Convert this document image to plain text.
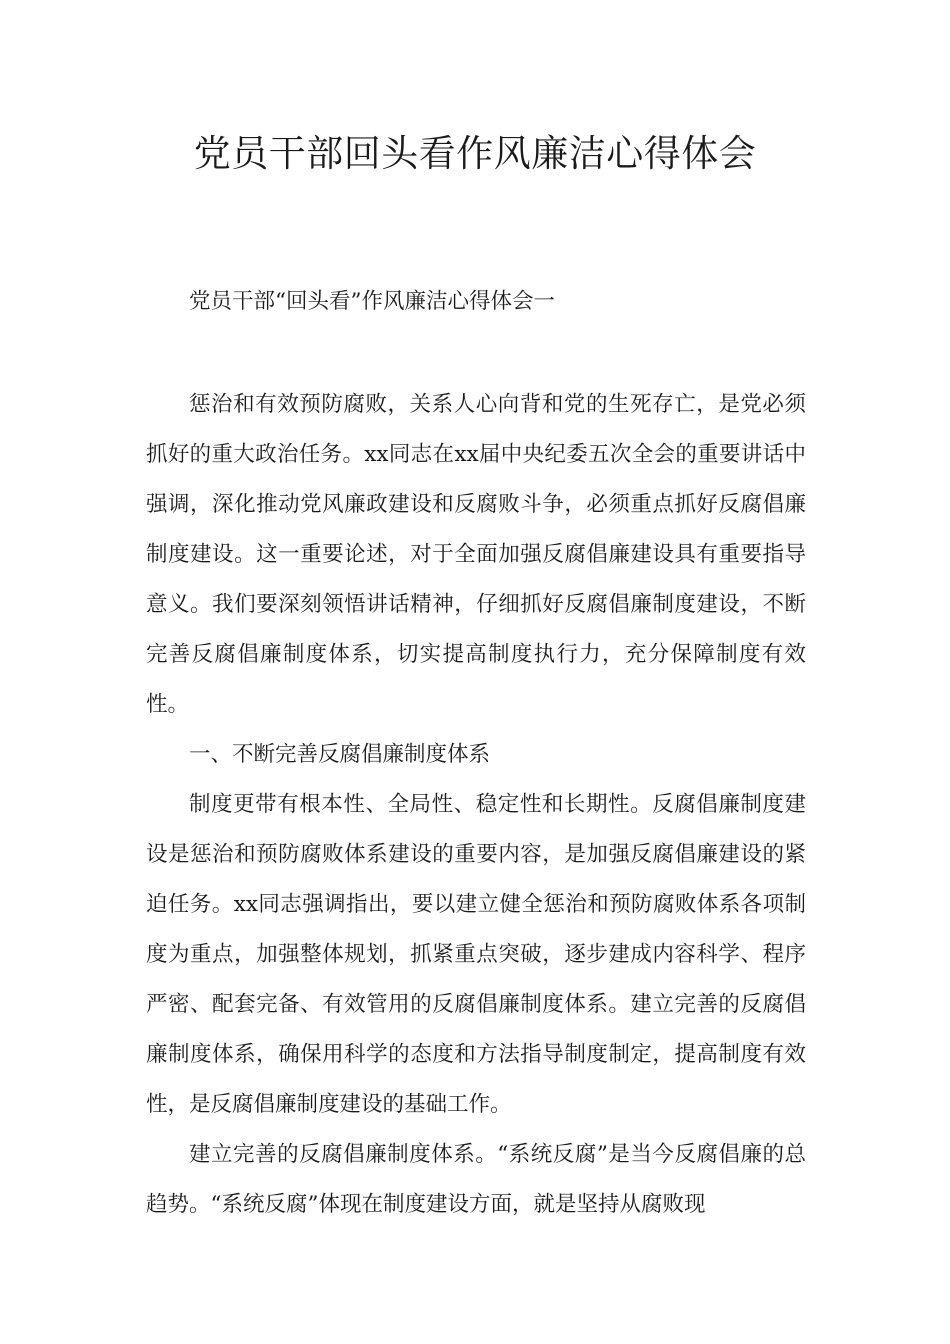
党员干部回头看作风廉洁心得体会

党员干部“回头看”作风廉洁心得体会一

惩治和有效预防腐败，关系人心向背和党的生死存亡，是党必须抓好的重大政治任务。xx同志在xx届中央纪委五次全会的重要讲话中强调，深化推动党风廉政建设和反腐败斗争，必须重点抓好反腐倡廉制度建设。这一重要论述，对于全面加强反腐倡廉建设具有重要指导意义。我们要深刻领悟讲话精神，仔细抓好反腐倡廉制度建设，不断完善反腐倡廉制度体系，切实提高制度执行力，充分保障制度有效性。

一、不断完善反腐倡廉制度体系

制度更带有根本性、全局性、稳定性和长期性。反腐倡廉制度建设是惩治和预防腐败体系建设的重要内容，是加强反腐倡廉建设的紧迫任务。xx同志强调指出，要以建立健全惩治和预防腐败体系各项制度为重点，加强整体规划，抓紧重点突破，逐步建成内容科学、程序严密、配套完备、有效管用的反腐倡廉制度体系。建立完善的反腐倡廉制度体系，确保用科学的态度和方法指导制度制定，提高制度有效性，是反腐倡廉制度建设的基础工作。

建立完善的反腐倡廉制度体系。“系统反腐”是当今反腐倡廉的总趋势。“系统反腐”体现在制度建设方面，就是坚持从腐败现
